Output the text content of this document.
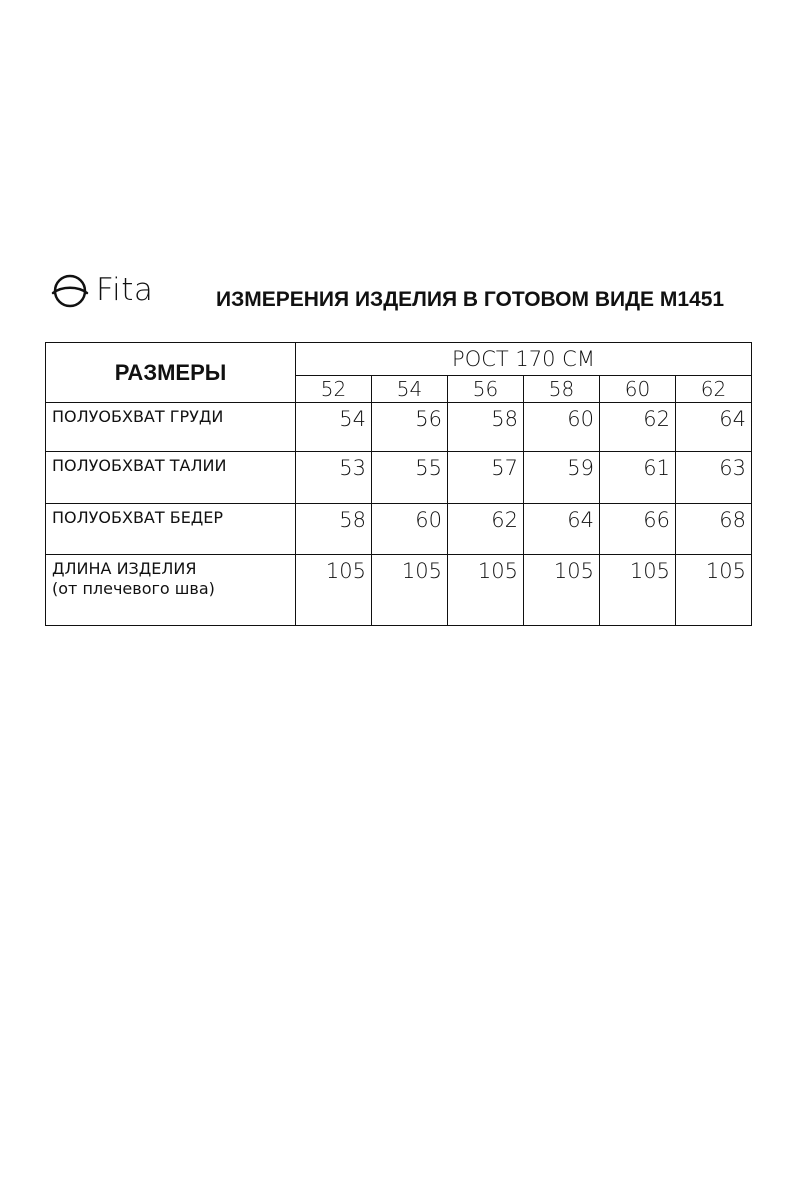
Fita	ИЗМЕРЕНИЯ ИЗДЕЛИЯ В ГОТОВОМ ВИДЕ М1451
РАЗМЕРЫ	РОСТ 170 СМ					
	52	54	56	58	60	62
ПОЛУОБХВАТ ГРУДИ	54	56	58	60	62	64
ПОЛУОБХВАТ ТАЛИИ	53	55	57	59	61	63
ПОЛУОБХВАТ БЕДЕР	58	60	62	64	66	68
ДЛИНА ИЗДЕЛИЯ
(от плечевого шва)	105	105	105	105	105	105
